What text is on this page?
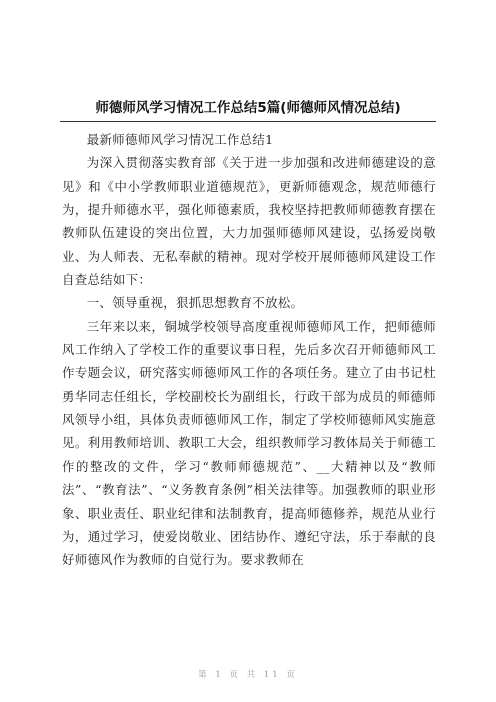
师德师风学习情况工作总结5篇(师德师风情况总结)

最新师德师风学习情况工作总结1

为深入贯彻落实教育部《关于进一步加强和改进师德建设的意见》和《中小学教师职业道德规范》，更新师德观念，规范师德行为，提升师德水平，强化师德素质，我校坚持把教师师德教育摆在教师队伍建设的突出位置，大力加强师德师风建设，弘扬爱岗敬业、为人师表、无私奉献的精神。现对学校开展师德师风建设工作自查总结如下：

一、领导重视，狠抓思想教育不放松。

三年来以来，铜城学校领导高度重视师德师风工作，把师德师风工作纳入了学校工作的重要议事日程，先后多次召开师德师风工作专题会议，研究落实师德师风工作的各项任务。建立了由书记杜勇华同志任组长，学校副校长为副组长，行政干部为成员的师德师风领导小组，具体负责师德师风工作，制定了学校师德师风实施意见。利用教师培训、教职工大会，组织教师学习教体局关于师德工作的整改的文件，学习“教师师德规范”、__大精神以及“教师法”、“教育法”、“义务教育条例”相关法律等。加强教师的职业形象、职业责任、职业纪律和法制教育，提高师德修养，规范从业行为，通过学习，使爱岗敬业、团结协作、遵纪守法，乐于奉献的良好师德风作为教师的自觉行为。要求教师在

第 1 页 共 11 页
